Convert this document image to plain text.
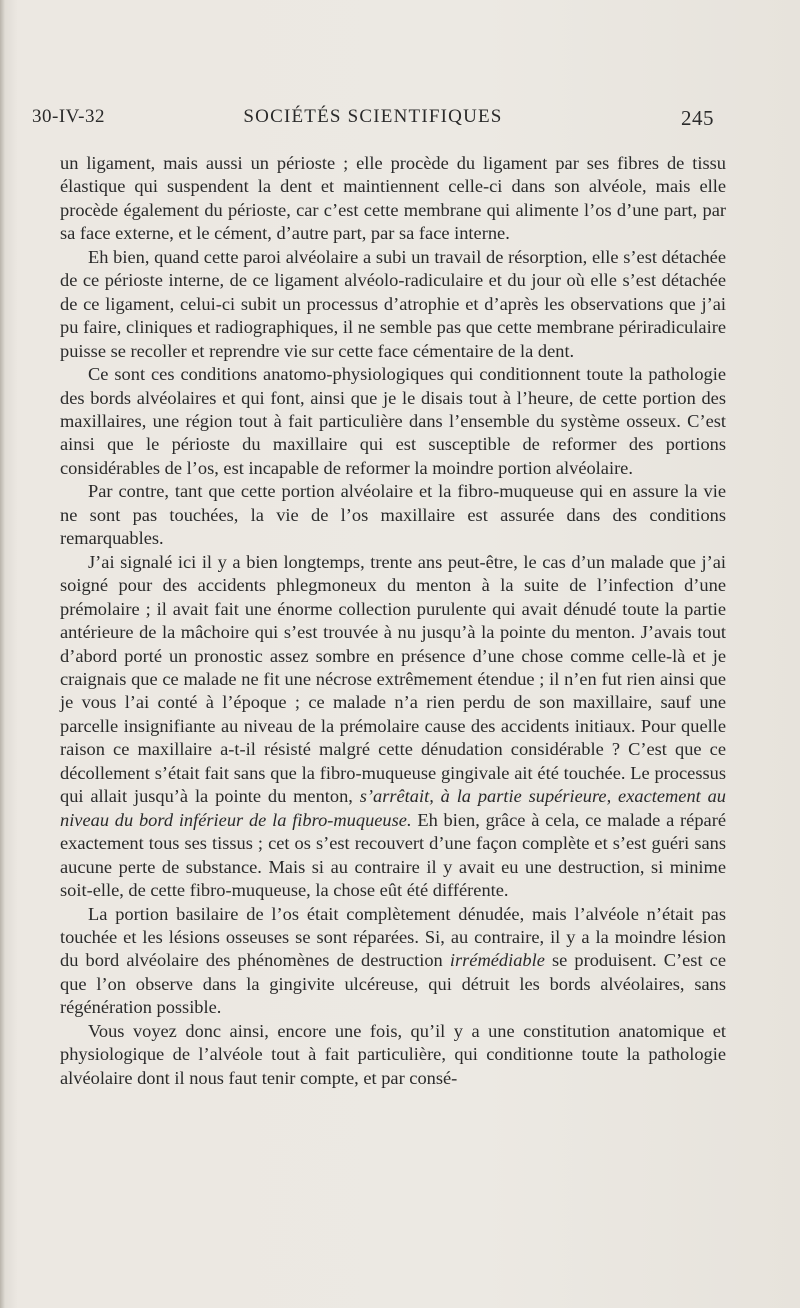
30-IV-32	SOCIÉTÉS SCIENTIFIQUES	245

un ligament, mais aussi un périoste ; elle procède du ligament par ses fibres de tissu élastique qui suspendent la dent et maintiennent celle-ci dans son alvéole, mais elle procède également du périoste, car c’est cette membrane qui alimente l’os d’une part, par sa face externe, et le cément, d’autre part, par sa face interne.

Eh bien, quand cette paroi alvéolaire a subi un travail de résorption, elle s’est détachée de ce périoste interne, de ce ligament alvéolo-radiculaire et du jour où elle s’est détachée de ce ligament, celui-ci subit un processus d’atrophie et d’après les observations que j’ai pu faire, cliniques et radiographiques, il ne semble pas que cette membrane périradiculaire puisse se recoller et reprendre vie sur cette face cémentaire de la dent.

Ce sont ces conditions anatomo-physiologiques qui conditionnent toute la pathologie des bords alvéolaires et qui font, ainsi que je le disais tout à l’heure, de cette portion des maxillaires, une région tout à fait particulière dans l’ensemble du système osseux. C’est ainsi que le périoste du maxillaire qui est susceptible de reformer des portions considérables de l’os, est incapable de reformer la moindre portion alvéolaire.

Par contre, tant que cette portion alvéolaire et la fibro-muqueuse qui en assure la vie ne sont pas touchées, la vie de l’os maxillaire est assurée dans des conditions remarquables.

J’ai signalé ici il y a bien longtemps, trente ans peut-être, le cas d’un malade que j’ai soigné pour des accidents phlegmoneux du menton à la suite de l’infection d’une prémolaire ; il avait fait une énorme collection purulente qui avait dénudé toute la partie antérieure de la mâchoire qui s’est trouvée à nu jusqu’à la pointe du menton. J’avais tout d’abord porté un pronostic assez sombre en présence d’une chose comme celle-là et je craignais que ce malade ne fit une nécrose extrêmement étendue ; il n’en fut rien ainsi que je vous l’ai conté à l’époque ; ce malade n’a rien perdu de son maxillaire, sauf une parcelle insignifiante au niveau de la prémolaire cause des accidents initiaux. Pour quelle raison ce maxillaire a-t-il résisté malgré cette dénudation considérable ? C’est que ce décollement s’était fait sans que la fibro-muqueuse gingivale ait été touchée. Le processus qui allait jusqu’à la pointe du menton, s’arrêtait, à la partie supérieure, exactement au niveau du bord inférieur de la fibro-muqueuse. Eh bien, grâce à cela, ce malade a réparé exactement tous ses tissus ; cet os s’est recouvert d’une façon complète et s’est guéri sans aucune perte de substance. Mais si au contraire il y avait eu une destruction, si minime soit-elle, de cette fibro-muqueuse, la chose eût été différente.

La portion basilaire de l’os était complètement dénudée, mais l’alvéole n’était pas touchée et les lésions osseuses se sont réparées. Si, au contraire, il y a la moindre lésion du bord alvéolaire des phénomènes de destruction irrémédiable se produisent. C’est ce que l’on observe dans la gingivite ulcéreuse, qui détruit les bords alvéolaires, sans régénération possible.

Vous voyez donc ainsi, encore une fois, qu’il y a une constitution anatomique et physiologique de l’alvéole tout à fait particulière, qui conditionne toute la pathologie alvéolaire dont il nous faut tenir compte, et par consé-
